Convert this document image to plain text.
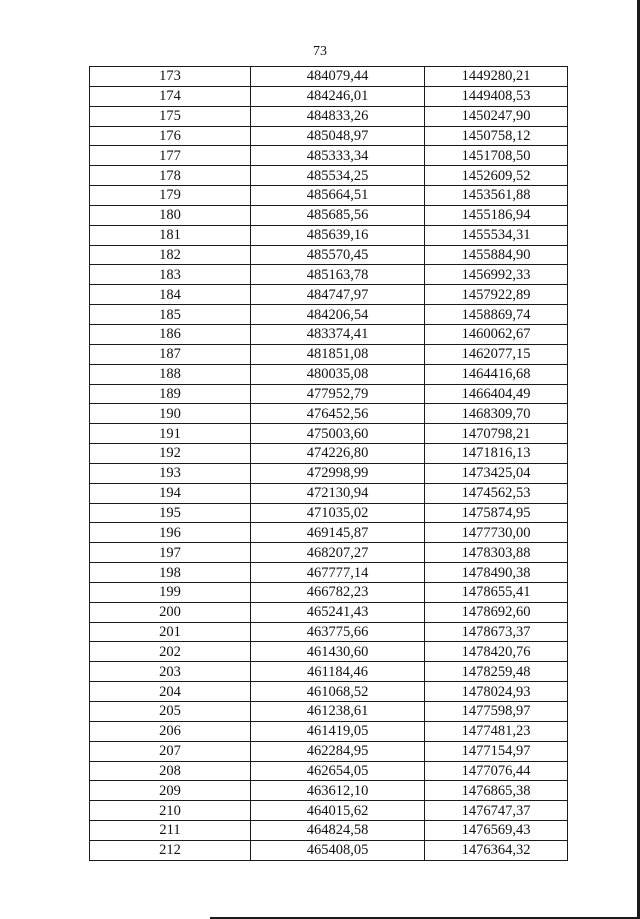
73
173	484079,44	1449280,21
174	484246,01	1449408,53
175	484833,26	1450247,90
176	485048,97	1450758,12
177	485333,34	1451708,50
178	485534,25	1452609,52
179	485664,51	1453561,88
180	485685,56	1455186,94
181	485639,16	1455534,31
182	485570,45	1455884,90
183	485163,78	1456992,33
184	484747,97	1457922,89
185	484206,54	1458869,74
186	483374,41	1460062,67
187	481851,08	1462077,15
188	480035,08	1464416,68
189	477952,79	1466404,49
190	476452,56	1468309,70
191	475003,60	1470798,21
192	474226,80	1471816,13
193	472998,99	1473425,04
194	472130,94	1474562,53
195	471035,02	1475874,95
196	469145,87	1477730,00
197	468207,27	1478303,88
198	467777,14	1478490,38
199	466782,23	1478655,41
200	465241,43	1478692,60
201	463775,66	1478673,37
202	461430,60	1478420,76
203	461184,46	1478259,48
204	461068,52	1478024,93
205	461238,61	1477598,97
206	461419,05	1477481,23
207	462284,95	1477154,97
208	462654,05	1477076,44
209	463612,10	1476865,38
210	464015,62	1476747,37
211	464824,58	1476569,43
212	465408,05	1476364,32
